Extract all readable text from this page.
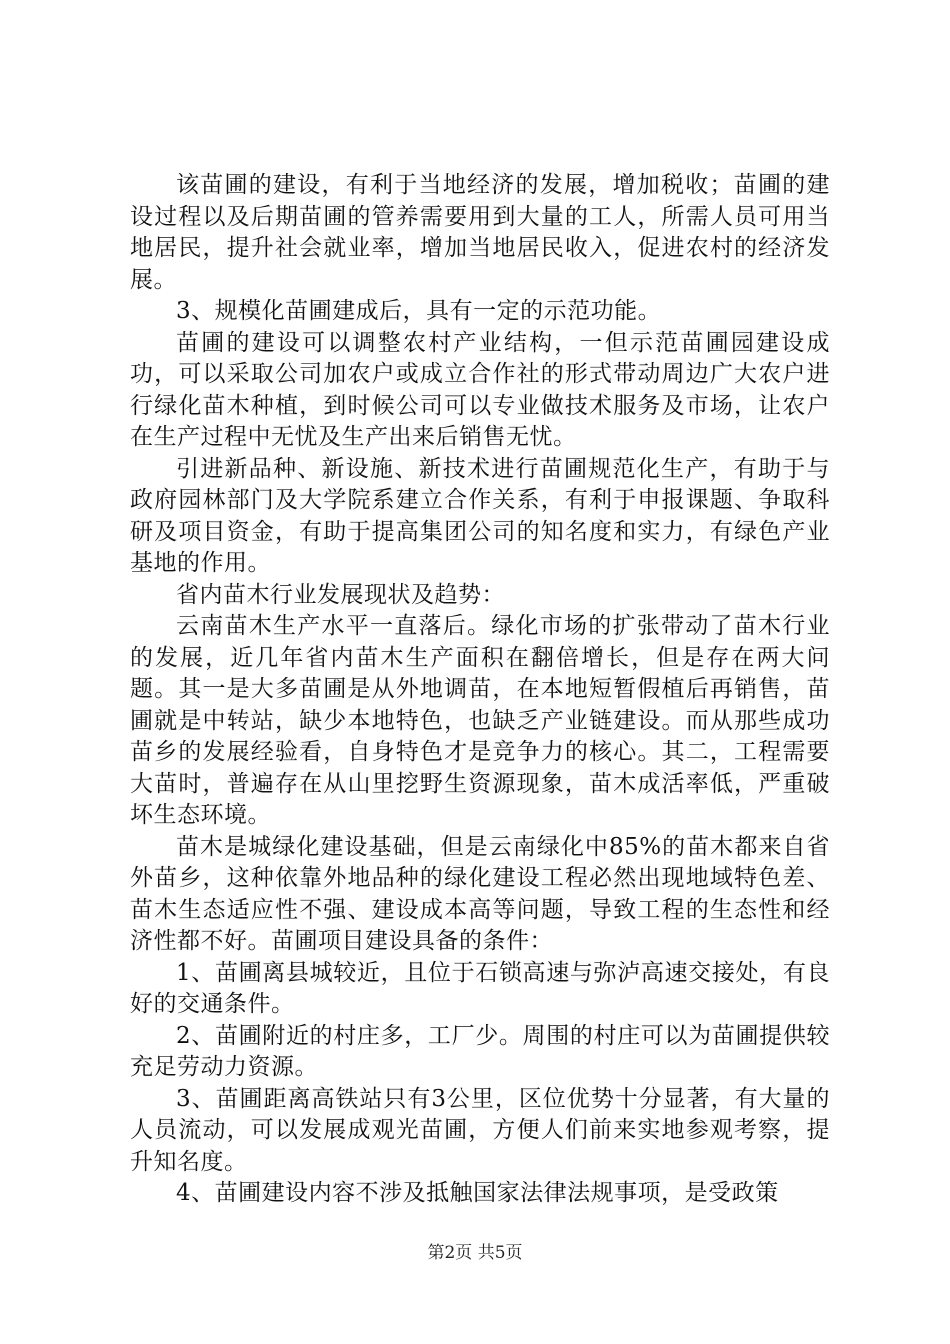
该苗圃的建设，有利于当地经济的发展，增加税收；苗圃的建设过程以及后期苗圃的管养需要用到大量的工人，所需人员可用当地居民，提升社会就业率，增加当地居民收入，促进农村的经济发展。

3、规模化苗圃建成后，具有一定的示范功能。

苗圃的建设可以调整农村产业结构，一但示范苗圃园建设成功，可以采取公司加农户或成立合作社的形式带动周边广大农户进行绿化苗木种植，到时候公司可以专业做技术服务及市场，让农户在生产过程中无忧及生产出来后销售无忧。

引进新品种、新设施、新技术进行苗圃规范化生产，有助于与政府园林部门及大学院系建立合作关系，有利于申报课题、争取科研及项目资金，有助于提高集团公司的知名度和实力，有绿色产业基地的作用。

省内苗木行业发展现状及趋势：

云南苗木生产水平一直落后。绿化市场的扩张带动了苗木行业的发展，近几年省内苗木生产面积在翻倍增长，但是存在两大问题。其一是大多苗圃是从外地调苗，在本地短暂假植后再销售，苗圃就是中转站，缺少本地特色，也缺乏产业链建设。而从那些成功苗乡的发展经验看，自身特色才是竞争力的核心。其二，工程需要大苗时，普遍存在从山里挖野生资源现象，苗木成活率低，严重破坏生态环境。

苗木是城绿化建设基础，但是云南绿化中85%的苗木都来自省外苗乡，这种依靠外地品种的绿化建设工程必然出现地域特色差、苗木生态适应性不强、建设成本高等问题，导致工程的生态性和经济性都不好。苗圃项目建设具备的条件：

1、苗圃离县城较近，且位于石锁高速与弥泸高速交接处，有良好的交通条件。

2、苗圃附近的村庄多，工厂少。周围的村庄可以为苗圃提供较充足劳动力资源。

3、苗圃距离高铁站只有3公里，区位优势十分显著，有大量的人员流动，可以发展成观光苗圃，方便人们前来实地参观考察，提升知名度。

4、苗圃建设内容不涉及抵触国家法律法规事项，是受政策

第2页 共5页
